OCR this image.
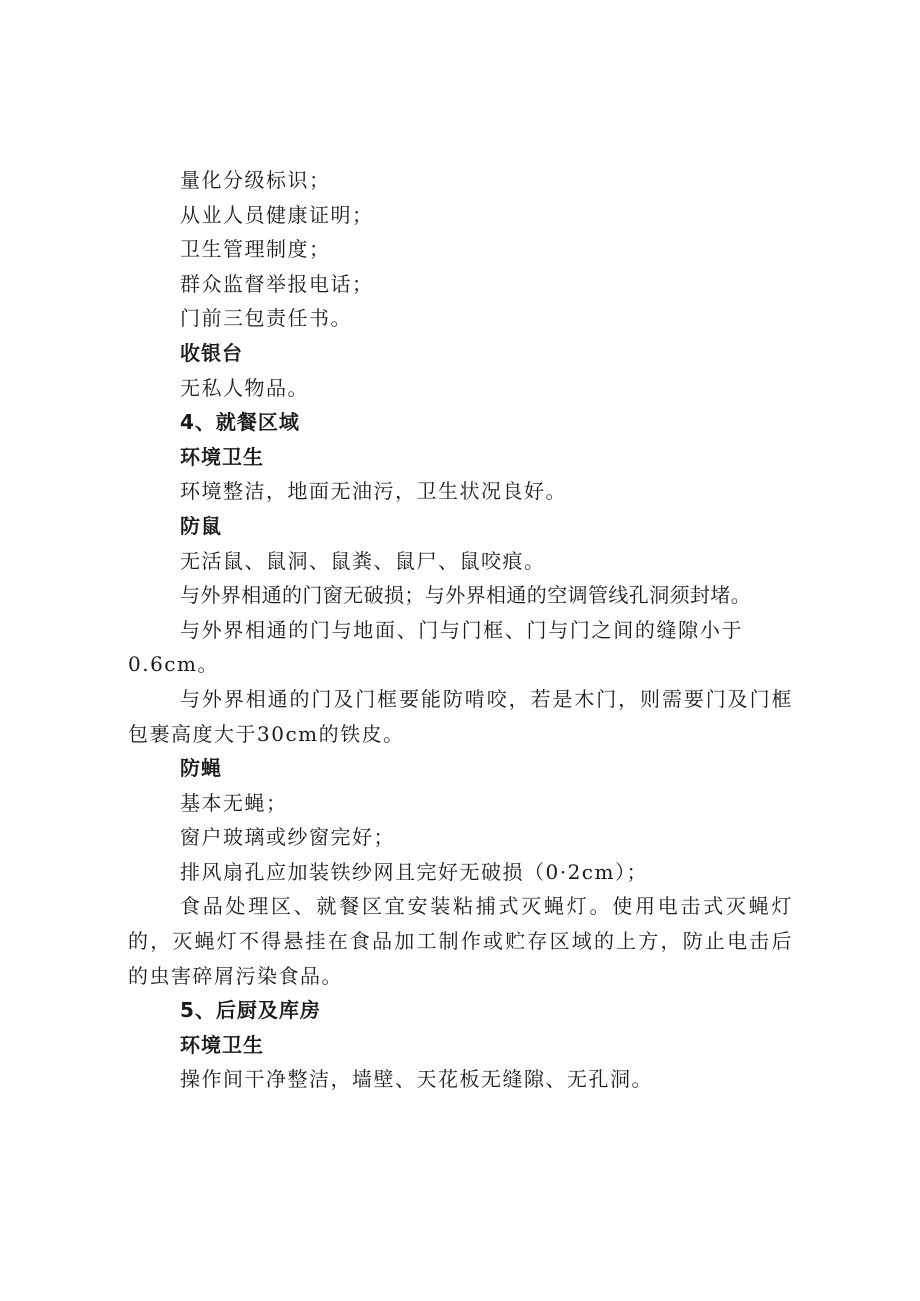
量化分级标识；
从业人员健康证明；
卫生管理制度；
群众监督举报电话；
门前三包责任书。
收银台
无私人物品。
4、就餐区域
环境卫生
环境整洁，地面无油污，卫生状况良好。
防鼠
无活鼠、鼠洞、鼠粪、鼠尸、鼠咬痕。
与外界相通的门窗无破损；与外界相通的空调管线孔洞须封堵。
与外界相通的门与地面、门与门框、门与门之间的缝隙小于0.6cm。
与外界相通的门及门框要能防啃咬，若是木门，则需要门及门框包裹高度大于30cm的铁皮。
防蝇
基本无蝇；
窗户玻璃或纱窗完好；
排风扇孔应加装铁纱网且完好无破损（0·2cm）；
食品处理区、就餐区宜安装粘捕式灭蝇灯。使用电击式灭蝇灯的，灭蝇灯不得悬挂在食品加工制作或贮存区域的上方，防止电击后的虫害碎屑污染食品。
5、后厨及库房
环境卫生
操作间干净整洁，墙壁、天花板无缝隙、无孔洞。
